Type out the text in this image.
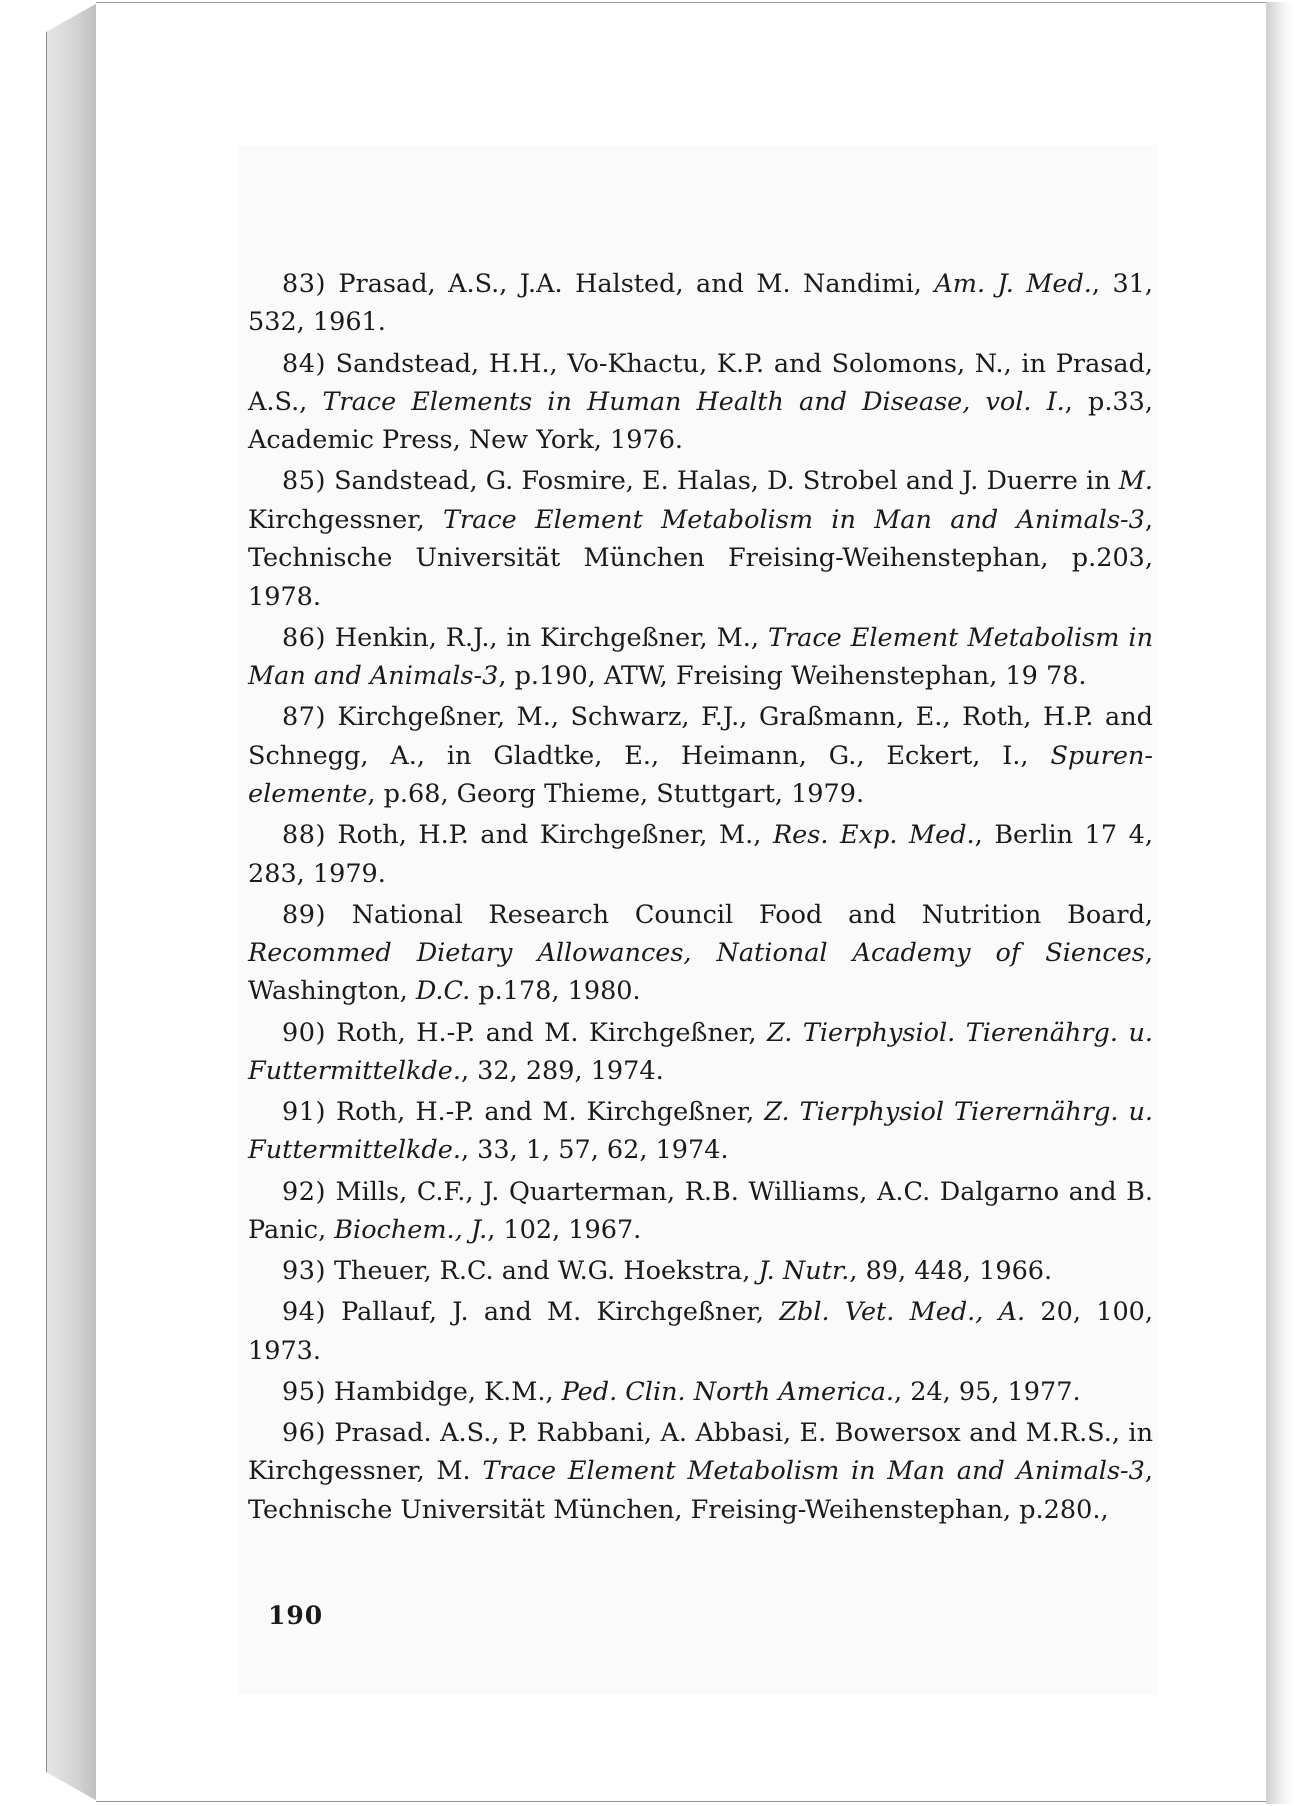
83) Prasad, A.S., J.A. Halsted, and M. Nandimi, Am. J. Med., 31, 532, 1961.

84) Sandstead, H.H., Vo-Khactu, K.P. and Solomons, N., in Prasad, A.S., Trace Elements in Human Health and Disease, vol. I., p.33, Academic Press, New York, 1976.

85) Sandstead, G. Fosmire, E. Halas, D. Strobel and J. Duerre in M. Kirchgessner, Trace Element Metabolism in Man and Animals-3, Technische Universität München Freising-Weihenstephan, p.203, 1978.

86) Henkin, R.J., in Kirchgeßner, M., Trace Element Metabolism in Man and Animals-3, p.190, ATW, Freising Weihenstephan, 19 78.

87) Kirchgeßner, M., Schwarz, F.J., Graßmann, E., Roth, H.P. and Schnegg, A., in Gladtke, E., Heimann, G., Eckert, I., Spuren-elemente, p.68, Georg Thieme, Stuttgart, 1979.

88) Roth, H.P. and Kirchgeßner, M., Res. Exp. Med., Berlin 17 4, 283, 1979.

89) National Research Council Food and Nutrition Board, Recommed Dietary Allowances, National Academy of Siences, Washington, D.C. p.178, 1980.

90) Roth, H.-P. and M. Kirchgeßner, Z. Tierphysiol. Tierenährg. u. Futtermittelkde., 32, 289, 1974.

91) Roth, H.-P. and M. Kirchgeßner, Z. Tierphysiol Tierernährg. u. Futtermittelkde., 33, 1, 57, 62, 1974.

92) Mills, C.F., J. Quarterman, R.B. Williams, A.C. Dalgarno and B. Panic, Biochem., J., 102, 1967.

93) Theuer, R.C. and W.G. Hoekstra, J. Nutr., 89, 448, 1966.

94) Pallauf, J. and M. Kirchgeßner, Zbl. Vet. Med., A. 20, 100, 1973.

95) Hambidge, K.M., Ped. Clin. North America., 24, 95, 1977.

96) Prasad. A.S., P. Rabbani, A. Abbasi, E. Bowersox and M.R.S., in Kirchgessner, M. Trace Element Metabolism in Man and Animals-3, Technische Universität München, Freising-Weihenstephan, p.280.,

190
